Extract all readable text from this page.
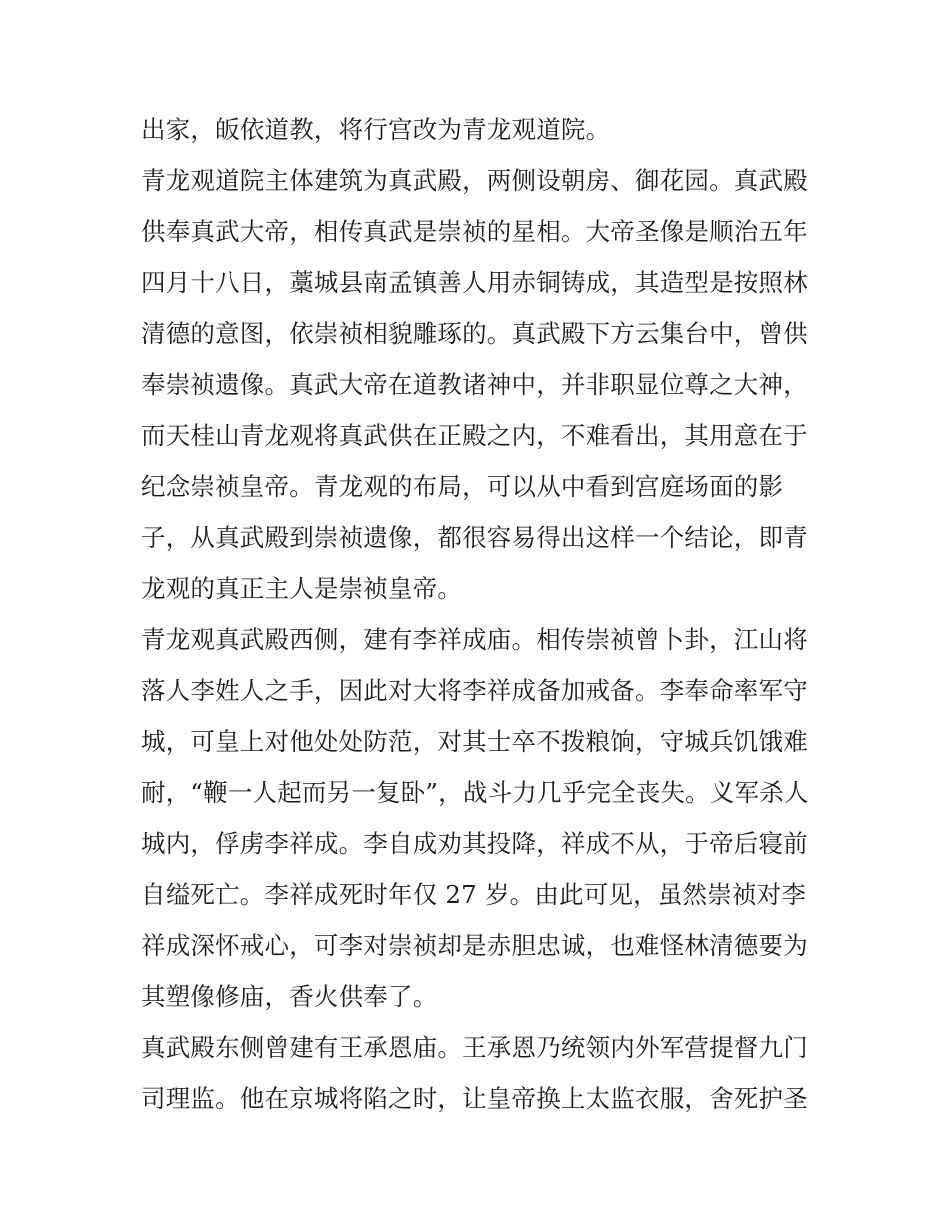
出家，皈依道教，将行宫改为青龙观道院。
青龙观道院主体建筑为真武殿，两侧设朝房、御花园。真武殿
供奉真武大帝，相传真武是崇祯的星相。大帝圣像是顺治五年
四月十八日，藁城县南孟镇善人用赤铜铸成，其造型是按照林
清德的意图，依崇祯相貌雕琢的。真武殿下方云集台中，曾供
奉崇祯遗像。真武大帝在道教诸神中，并非职显位尊之大神，
而天桂山青龙观将真武供在正殿之内，不难看出，其用意在于
纪念崇祯皇帝。青龙观的布局，可以从中看到宫庭场面的影
子，从真武殿到崇祯遗像，都很容易得出这样一个结论，即青
龙观的真正主人是崇祯皇帝。
青龙观真武殿西侧，建有李祥成庙。相传崇祯曾卜卦，江山将
落人李姓人之手，因此对大将李祥成备加戒备。李奉命率军守
城，可皇上对他处处防范，对其士卒不拨粮饷，守城兵饥饿难
耐，“鞭一人起而另一复卧”，战斗力几乎完全丧失。义军杀人
城内，俘虏李祥成。李自成劝其投降，祥成不从，于帝后寝前
自缢死亡。李祥成死时年仅 27 岁。由此可见，虽然崇祯对李
祥成深怀戒心，可李对崇祯却是赤胆忠诚，也难怪林清德要为
其塑像修庙，香火供奉了。
真武殿东侧曾建有王承恩庙。王承恩乃统领内外军营提督九门
司理监。他在京城将陷之时，让皇帝换上太监衣服，舍死护圣
